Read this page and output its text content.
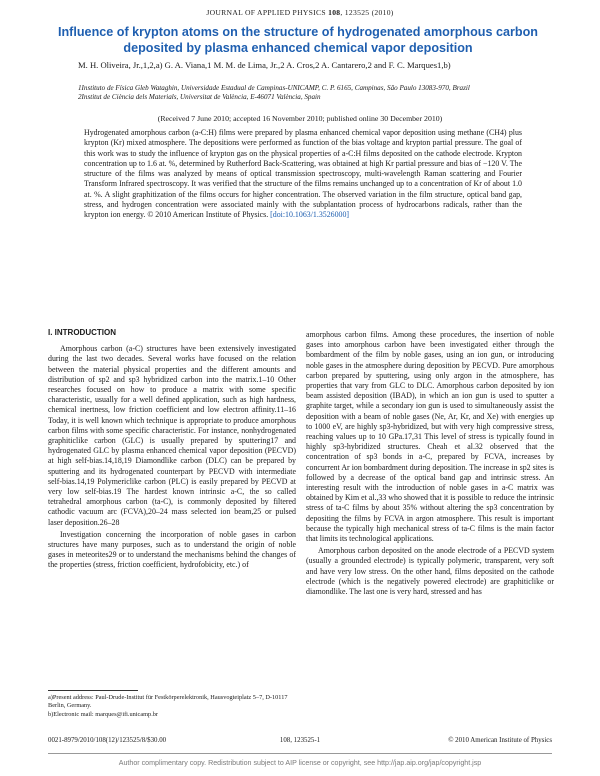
JOURNAL OF APPLIED PHYSICS 108, 123525 (2010)
Influence of krypton atoms on the structure of hydrogenated amorphous carbon deposited by plasma enhanced chemical vapor deposition
M. H. Oliveira, Jr.,1,2,a) G. A. Viana,1 M. M. de Lima, Jr.,2 A. Cros,2 A. Cantarero,2 and F. C. Marques1,b)
1Instituto de Física Gleb Wataghin, Universidade Estadual de Campinas-UNICAMP, C. P. 6165, Campinas, São Paulo 13083-970, Brazil
2Institut de Ciència dels Materials, Universitat de València, E-46071 València, Spain
(Received 7 June 2010; accepted 16 November 2010; published online 30 December 2010)
Hydrogenated amorphous carbon (a-C:H) films were prepared by plasma enhanced chemical vapor deposition using methane (CH4) plus krypton (Kr) mixed atmosphere. The depositions were performed as function of the bias voltage and krypton partial pressure. The goal of this work was to study the influence of krypton gas on the physical properties of a-C:H films deposited on the cathode electrode. Krypton concentration up to 1.6 at. %, determined by Rutherford Back-Scattering, was obtained at high Kr partial pressure and bias of −120 V. The structure of the films was analyzed by means of optical transmission spectroscopy, multi-wavelength Raman scattering and Fourier Transform Infrared spectroscopy. It was verified that the structure of the films remains unchanged up to a concentration of Kr of about 1.0 at. %. A slight graphitization of the films occurs for higher concentration. The observed variation in the film structure, optical band gap, stress, and hydrogen concentration were associated mainly with the subplantation process of hydrocarbons radicals, rather than the krypton ion energy. © 2010 American Institute of Physics. [doi:10.1063/1.3526000]
I. INTRODUCTION

Amorphous carbon (a-C) structures have been extensively investigated during the last two decades. Several works have focused on the relation between the material physical properties and the different amounts and distribution of sp2 and sp3 hybridized carbon into the matrix.1–10 Other researches focused on how to produce a matrix with some specific characteristic, usually for a well defined application, such as high hardness, chemical inertness, low friction coefficient and low electron affinity.11–16 Today, it is well known which technique is appropriate to produce amorphous carbon films with some specific characteristic. For instance, nonhydrogenated graphiticlike carbon (GLC) is usually prepared by sputtering17 and hydrogenated GLC by plasma enhanced chemical vapor deposition (PECVD) at high self-bias.14,18,19 Diamondlike carbon (DLC) can be prepared by sputtering and its hydrogenated counterpart by PECVD with intermediate self-bias.14,19 Polymericlike carbon (PLC) is easily prepared by PECVD at very low self-bias.19 The hardest known intrinsic a-C, the so called tetrahedral amorphous carbon (ta-C), is commonly deposited by filtered cathodic vacuum arc (FCVA),20–24 mass selected ion beam,25 or pulsed laser deposition.26–28

Investigation concerning the incorporation of noble gases in carbon structures have many purposes, such as to understand the origin of noble gases in meteorites29 or to understand the mechanisms behind the changes of the properties (stress, friction coefficient, hydrofobicity, etc.) of

amorphous carbon films. Among these procedures, the insertion of noble gases into amorphous carbon have been investigated either through the bombardment of the film by noble gases, using an ion gun, or introducing noble gases in the atmosphere during deposition by PECVD. Pure amorphous carbon prepared by sputtering, using only argon in the atmosphere, has properties that vary from GLC to DLC. Amorphous carbon deposited by ion beam assisted deposition (IBAD), in which an ion gun is used to sputter a graphite target, while a secondary ion gun is used to simultaneously assist the deposition with a beam of noble gases (Ne, Ar, Kr, and Xe) with energies up to 1000 eV, are highly sp3-hybridized, but with very high compressive stress, reaching values up to 10 GPa.17,31 This level of stress is typically found in highly sp3-hybridized structures. Cheah et al.32 observed that the concentration of sp3 bonds in a-C, prepared by FCVA, increases by concurrent Ar ion bombardment during deposition. The increase in sp2 sites is followed by a decrease of the optical band gap and intrinsic stress. An interesting result with the introduction of noble gases in a-C matrix was obtained by Kim et al.,33 who showed that it is possible to reduce the intrinsic stress of ta-C films by about 35% without altering the sp3 concentration by depositing the films by FCVA in argon atmosphere. This result is important because the typically high mechanical stress of ta-C films is the main factor that limits its technological applications.

Amorphous carbon deposited on the anode electrode of a PECVD system (usually a grounded electrode) is typically polymeric, transparent, very soft and have very low stress. On the other hand, films deposited on the cathode electrode (which is the negatively powered electrode) are graphiticlike or diamondlike. The last one is very hard, stressed and has

a)Present address: Paul-Drude-Institut für Festkörperelektronik, Hausvogteiplatz 5–7, D-10117 Berlin, Germany.
b)Electronic mail: marques@ifi.unicamp.br
0021-8979/2010/108(12)/123525/8/$30.00	108, 123525-1	© 2010 American Institute of Physics
Author complimentary copy. Redistribution subject to AIP license or copyright, see http://jap.aip.org/jap/copyright.jsp
